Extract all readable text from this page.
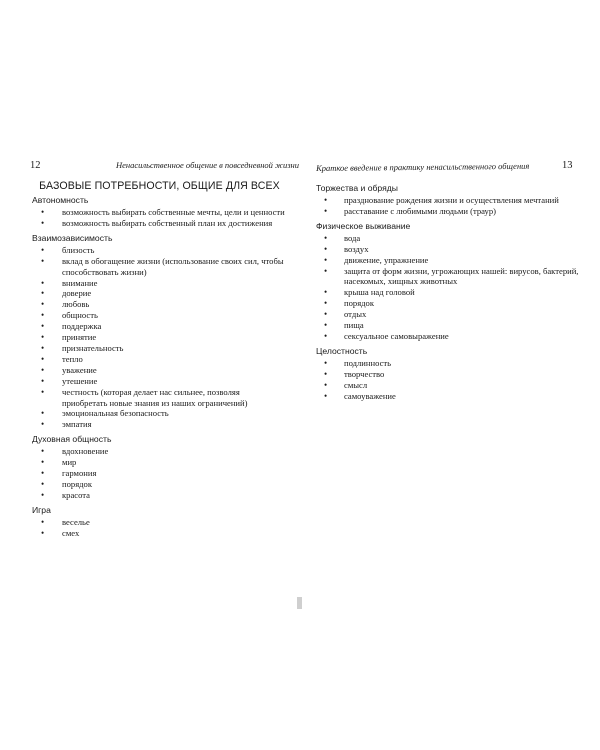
12	Ненасильственное общение в повседневной жизни
БАЗОВЫЕ ПОТРЕБНОСТИ, ОБЩИЕ ДЛЯ ВСЕХ
Автономность
• возможность выбирать собственные мечты, цели и ценности
• возможность выбирать собственный план их достижения
Взаимозависимость
• близость
• вклад в обогащение жизни (использование своих сил, чтобы способствовать жизни)
• внимание
• доверие
• любовь
• общность
• поддержка
• принятие
• признательность
• тепло
• уважение
• утешение
• честность (которая делает нас сильнее, позволяя приобретать новые знания из наших ограничений)
• эмоциональная безопасность
• эмпатия
Духовная общность
• вдохновение
• мир
• гармония
• порядок
• красота
Игра
• веселье
• смех
Краткое введение в практику ненасильственного общения	13
Торжества и обряды
• празднование рождения жизни и осуществления мечтаний
• расставание с любимыми людьми (траур)
Физическое выживание
• вода
• воздух
• движение, упражнение
• защита от форм жизни, угрожающих нашей: вирусов, бактерий, насекомых, хищных животных
• крыша над головой
• порядок
• отдых
• пища
• сексуальное самовыражение
Целостность
• подлинность
• творчество
• смысл
• самоуважение
